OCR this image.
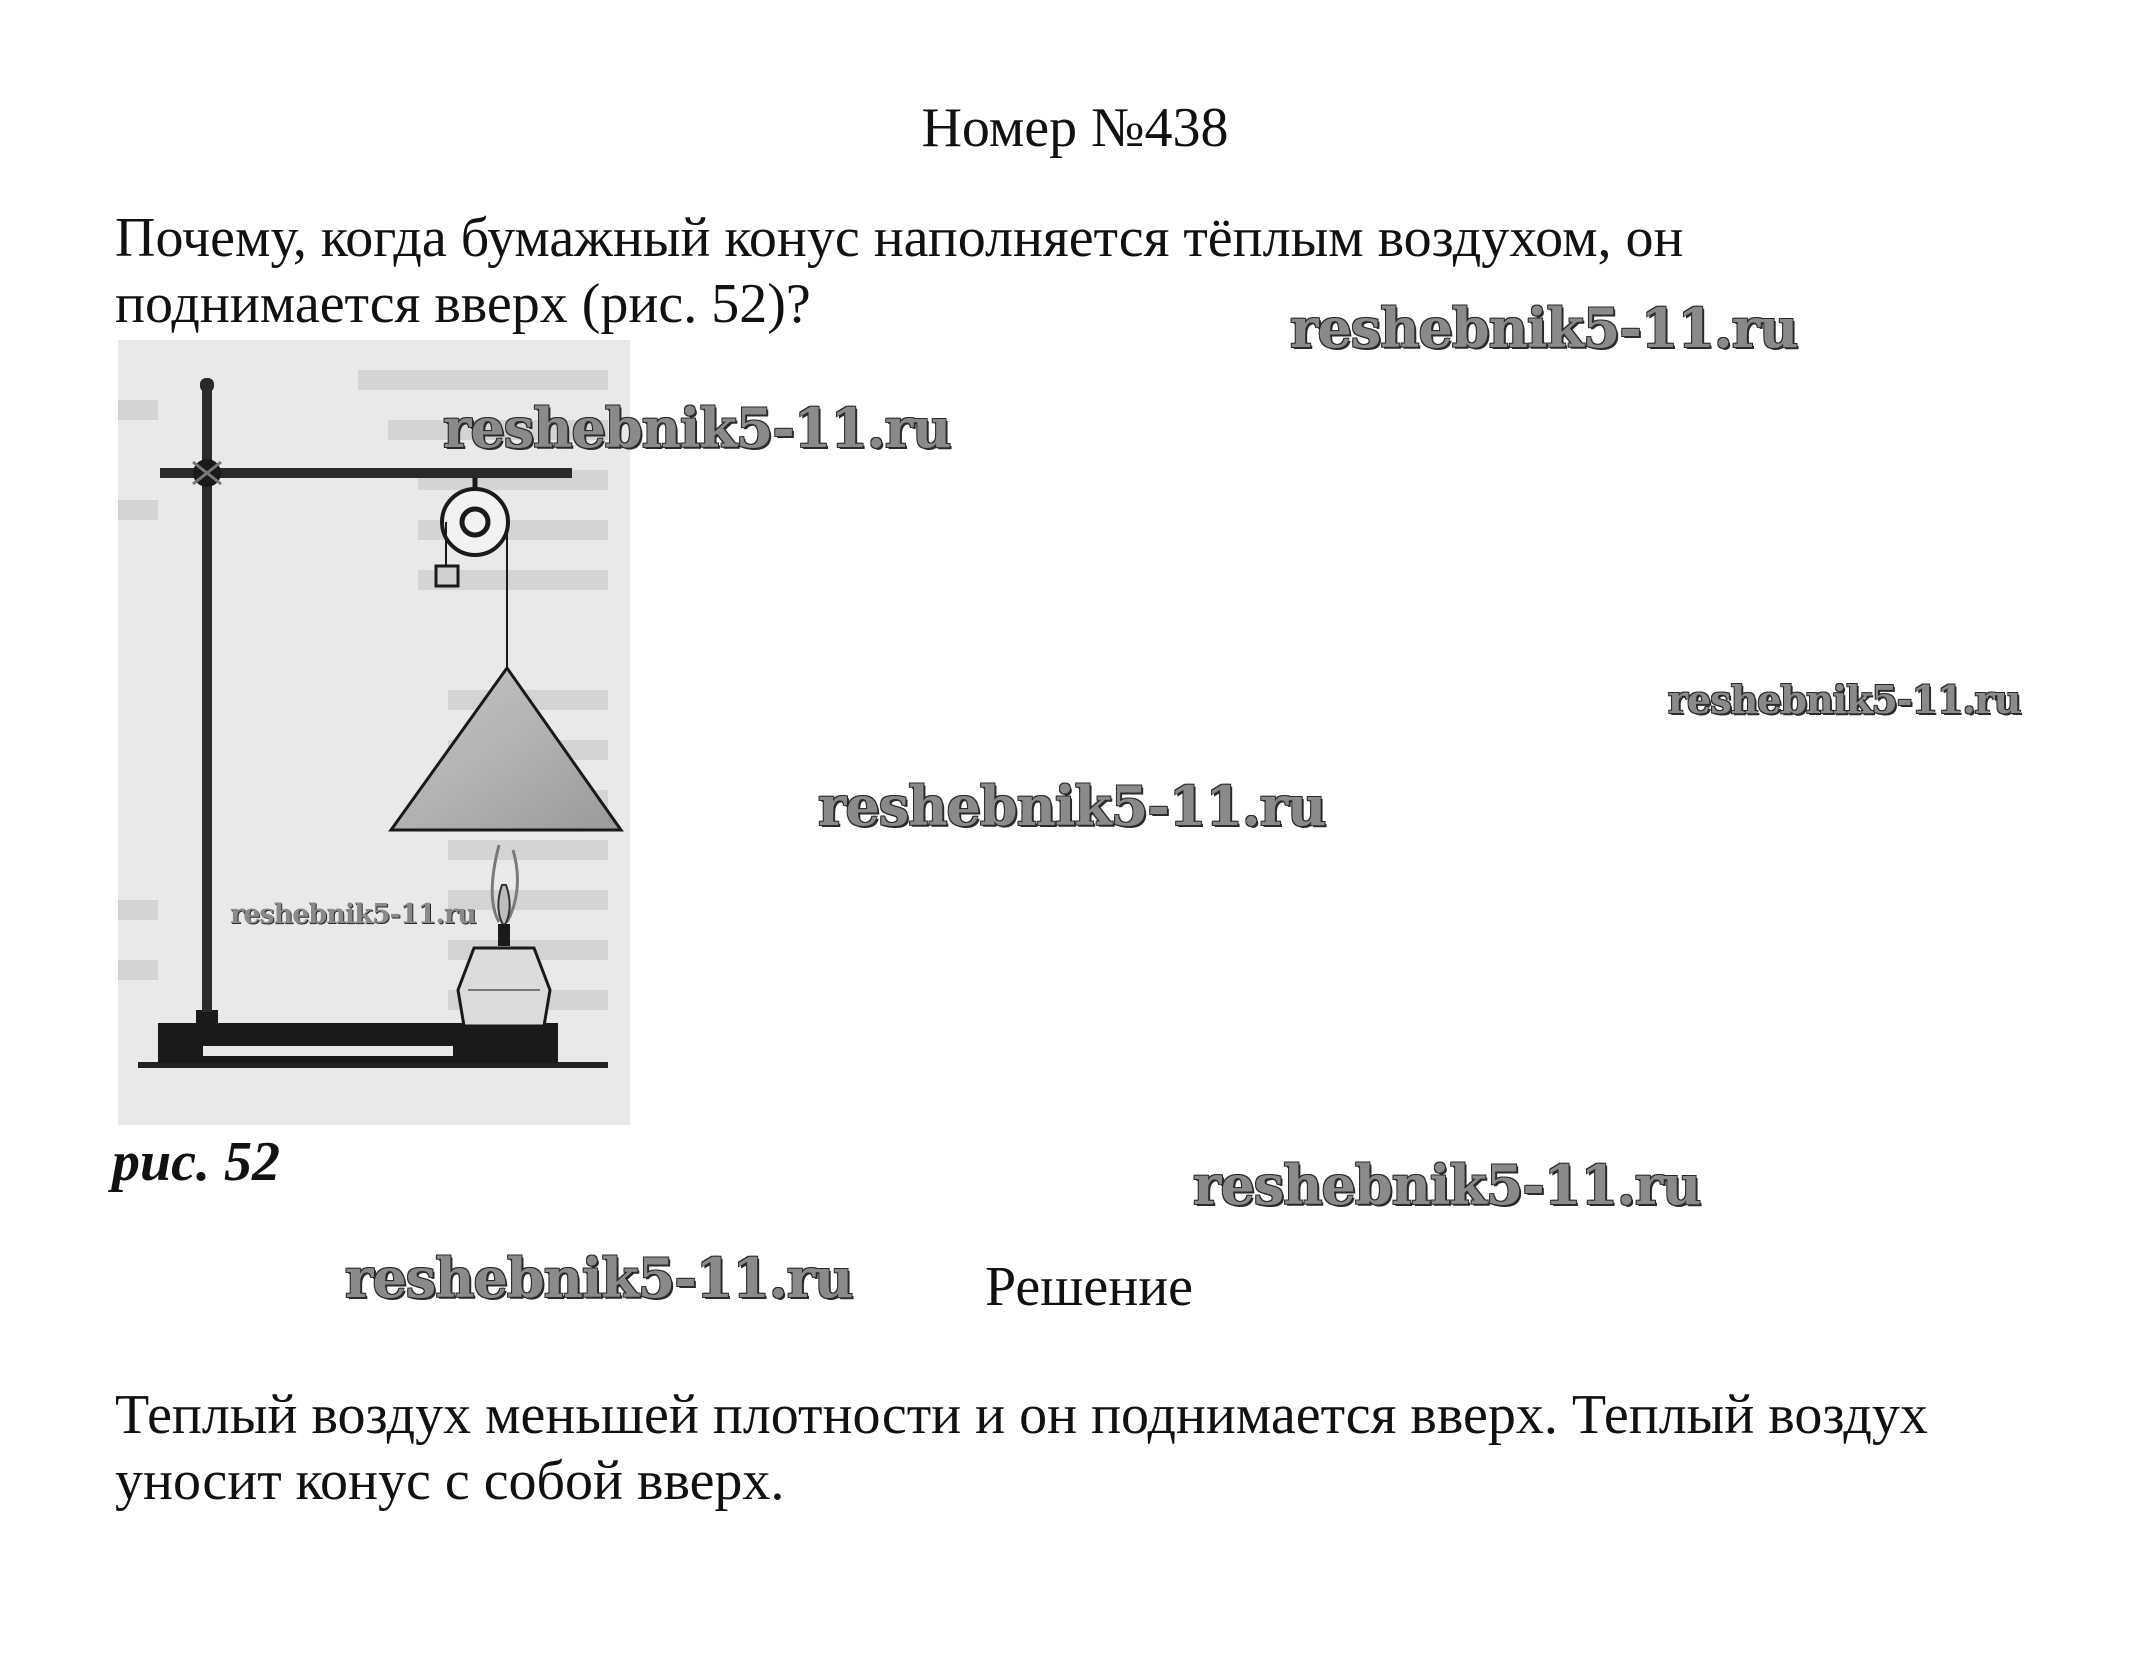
Номер №438
Почему, когда бумажный конус наполняется тёплым воздухом, он
поднимается вверх (рис. 52)?
рис. 52
Решение
Теплый воздух меньшей плотности и он поднимается вверх. Теплый воздух
уносит конус с собой вверх.
reshebnik5-11.ru
reshebnik5-11.ru
reshebnik5-11.ru
reshebnik5-11.ru
reshebnik5-11.ru
reshebnik5-11.ru
reshebnik5-11.ru
